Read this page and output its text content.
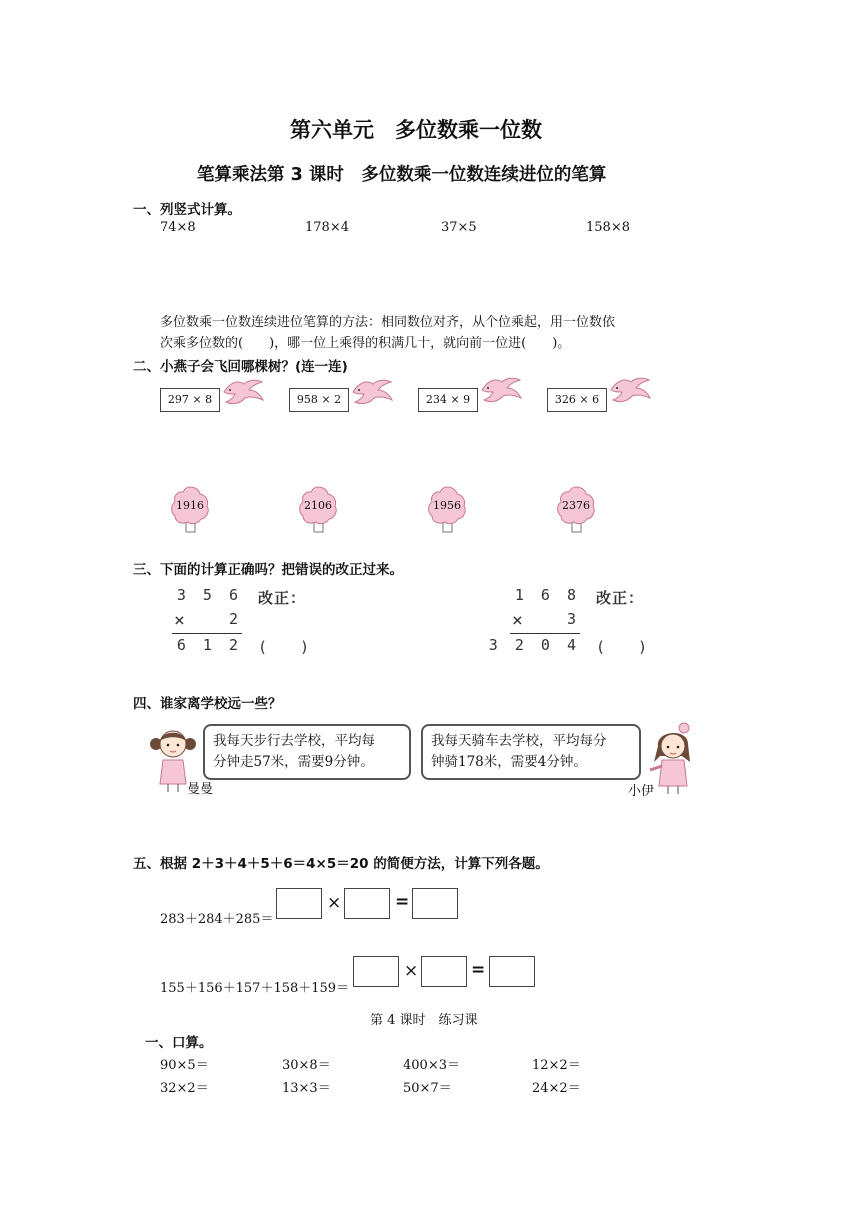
第六单元　多位数乘一位数
笔算乘法第 3 课时　多位数乘一位数连续进位的笔算
一、列竖式计算。
74×8	178×4	37×5	158×8
多位数乘一位数连续进位笔算的方法：相同数位对齐，从个位乘起，用一位数依
次乘多位数的(　　)，哪一位上乘得的积满几十，就向前一位进(　　)。
二、小燕子会飞回哪棵树？(连一连)
297 × 8	958 × 2	234 × 9	326 × 6
1916	2106	1956	2376
三、下面的计算正确吗？把错误的改正过来。
3 5 6
×	2
6 1 2
改正：
(　　)
1 6 8
×	3
3 2 0 4
改正：
(　　)
四、谁家离学校远一些？
曼曼
我每天步行去学校，平均每
分钟走57米，需要9分钟。
我每天骑车去学校，平均每分
钟骑178米，需要4分钟。
小伊
五、根据 2＋3＋4＋5＋6＝4×5＝20 的简便方法，计算下列各题。
283＋284＋285＝
×	=
155＋156＋157＋158＋159＝
×	=
第 4 课时　练习课
一、口算。
90×5＝	30×8＝	400×3＝	12×2＝
32×2＝	13×3＝	50×7＝	24×2＝
